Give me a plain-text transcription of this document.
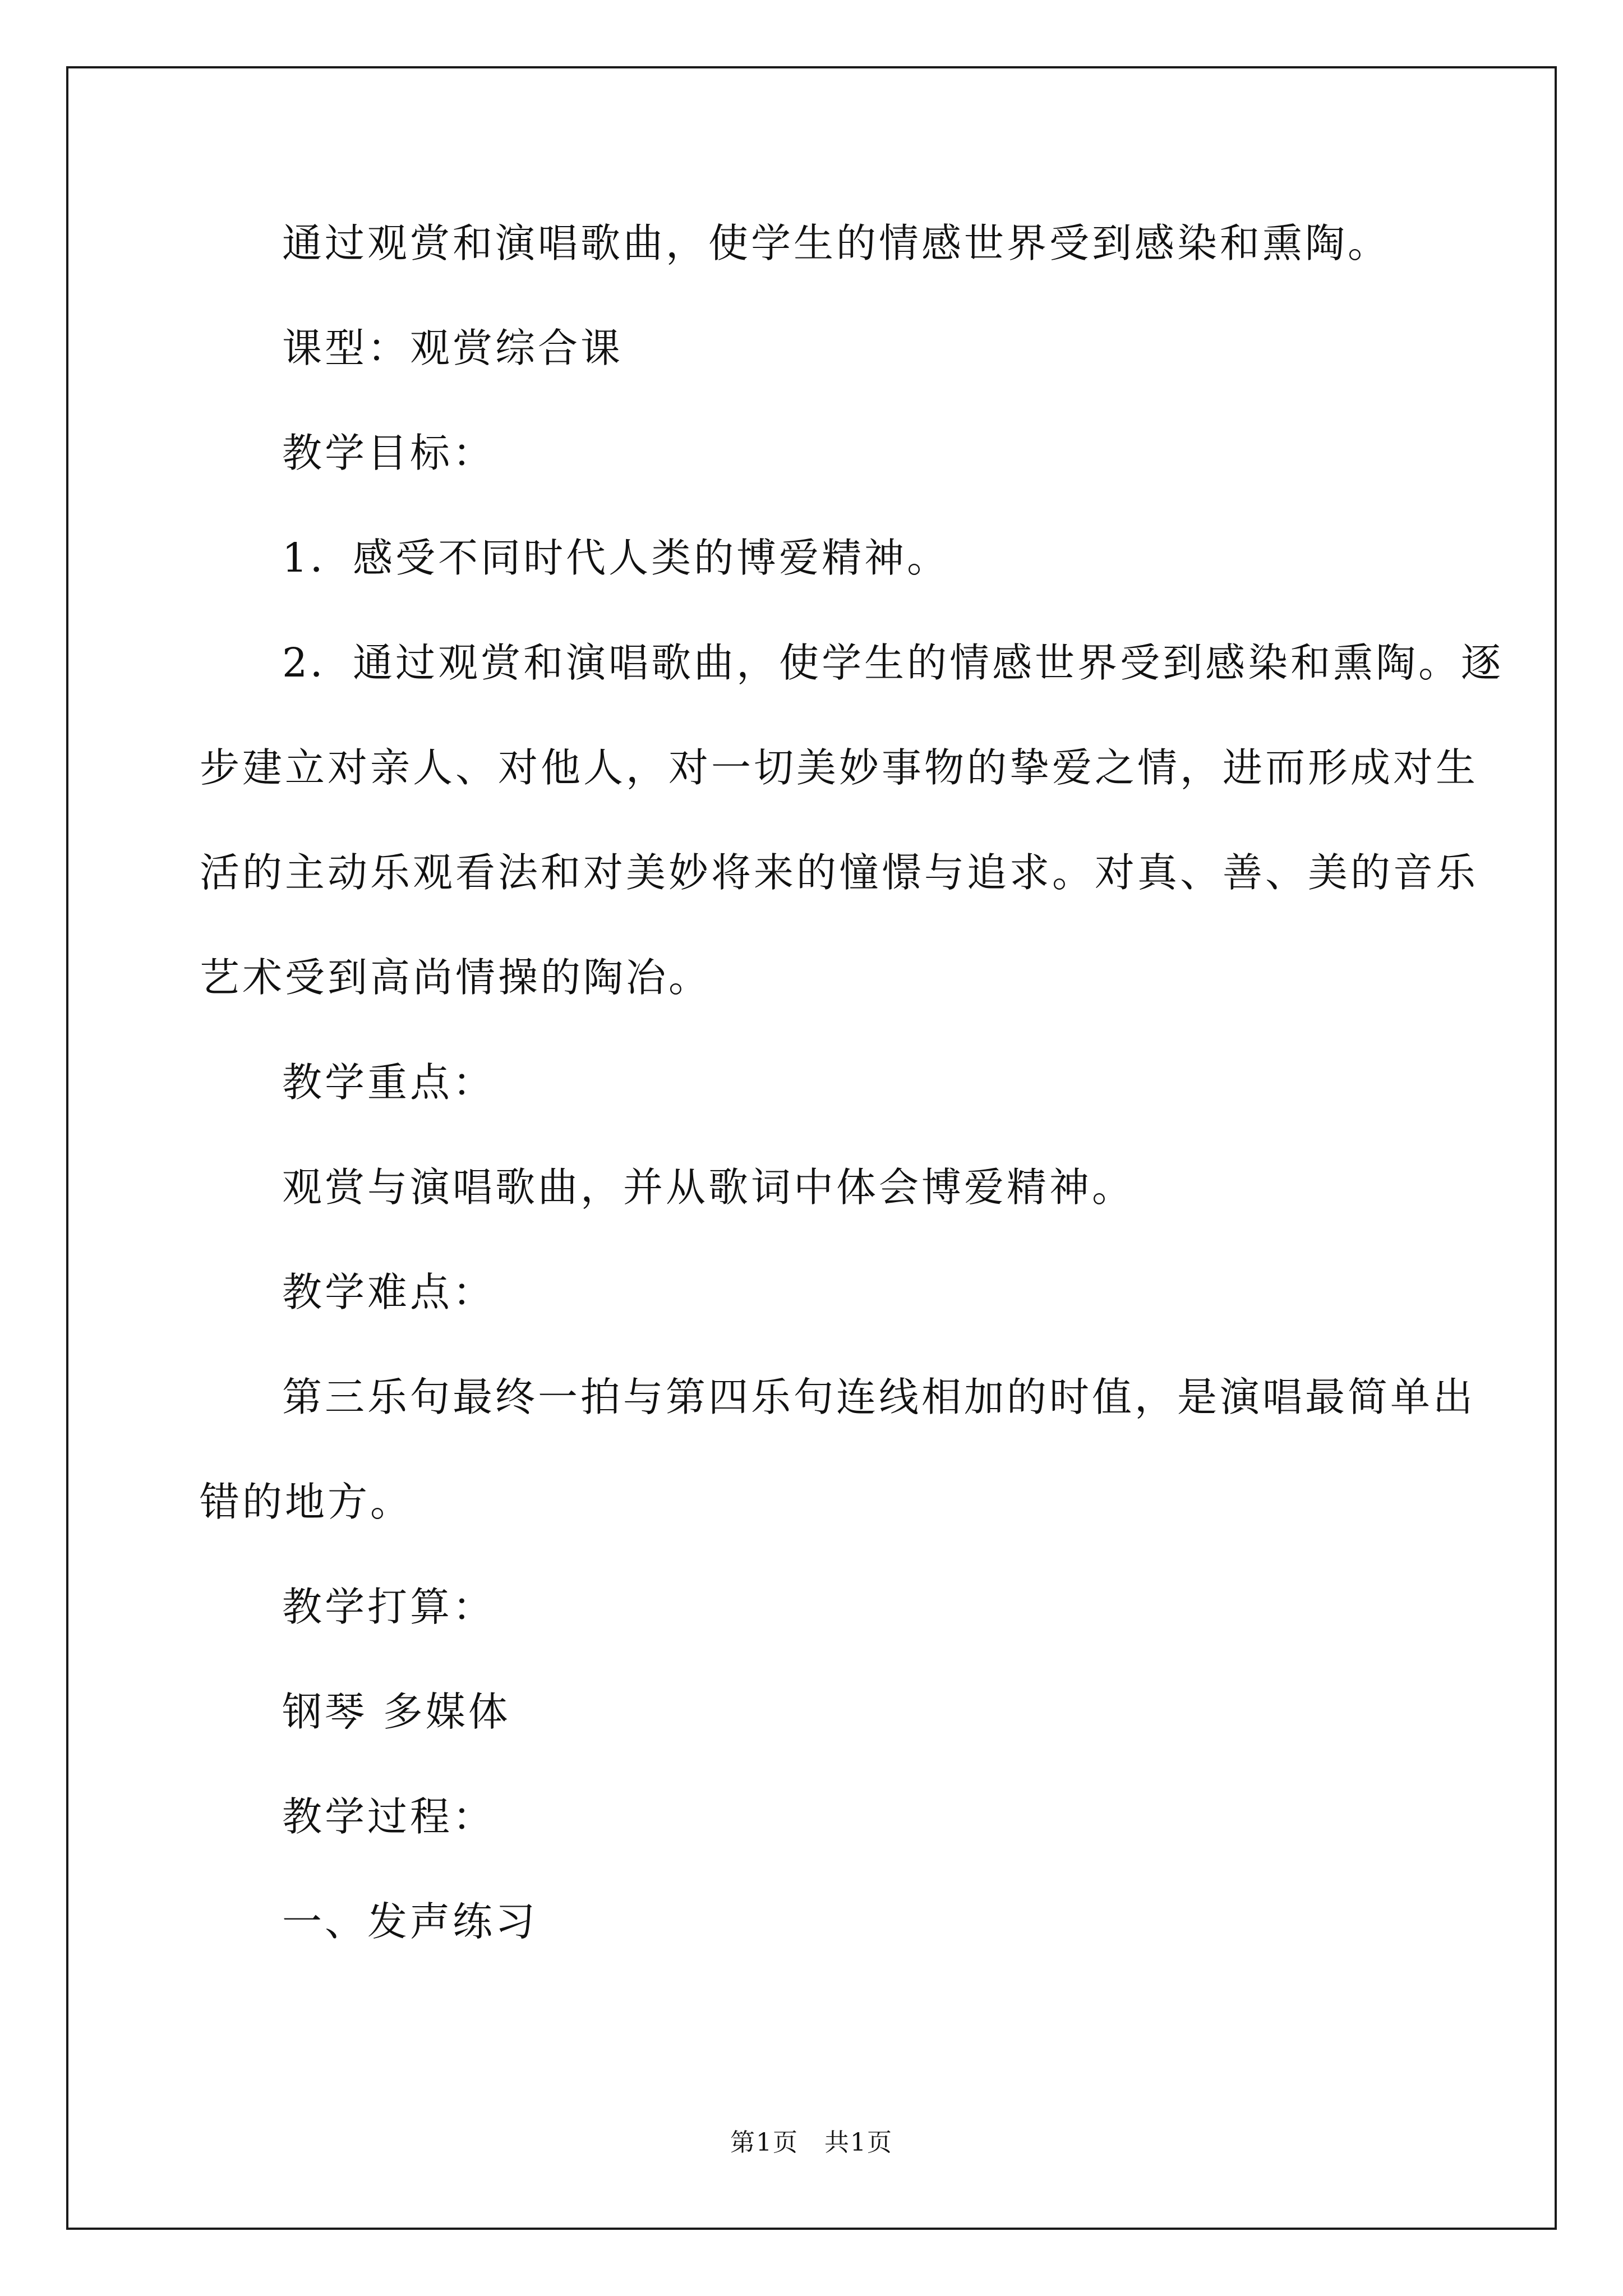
通过观赏和演唱歌曲，使学生的情感世界受到感染和熏陶。

课型：观赏综合课

教学目标：

1．感受不同时代人类的博爱精神。

2．通过观赏和演唱歌曲，使学生的情感世界受到感染和熏陶。逐
步建立对亲人、对他人，对一切美妙事物的挚爱之情，进而形成对生
活的主动乐观看法和对美妙将来的憧憬与追求。对真、善、美的音乐
艺术受到高尚情操的陶冶。

教学重点：

观赏与演唱歌曲，并从歌词中体会博爱精神。

教学难点：

第三乐句最终一拍与第四乐句连线相加的时值，是演唱最简单出
错的地方。

教学打算：

钢琴 多媒体

教学过程：

一、发声练习

第1页　共1页
